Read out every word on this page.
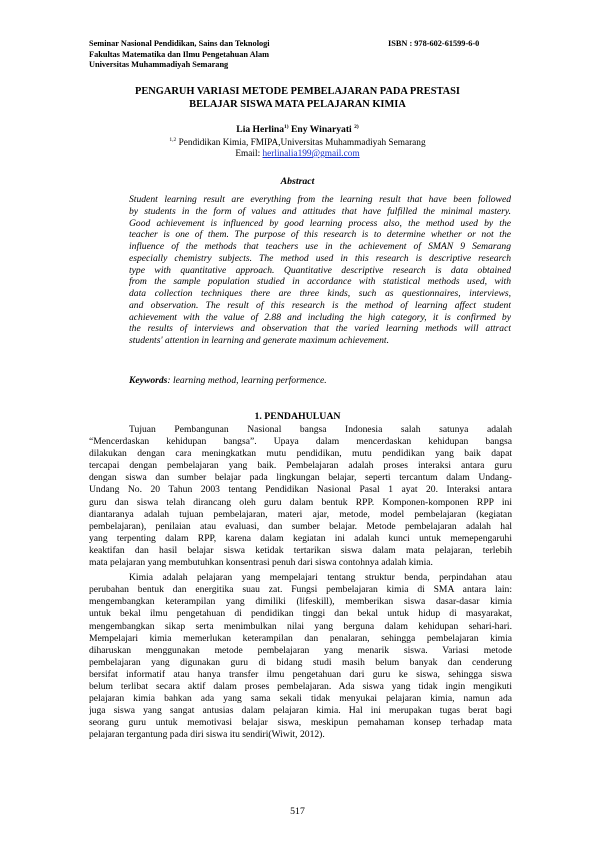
Seminar Nasional Pendidikan, Sains dan Teknologi
Fakultas Matematika dan Ilmu Pengetahuan Alam
Universitas Muhammadiyah Semarang
ISBN : 978-602-61599-6-0
PENGARUH VARIASI METODE PEMBELAJARAN PADA PRESTASI
BELAJAR SISWA MATA PELAJARAN KIMIA
Lia Herlina$^{1)}$ Eny Winaryati $^{2)}$
$^{1,2}$ Pendidikan Kimia, FMIPA,Universitas Muhammadiyah Semarang
Email: herlinalia199@gmail.com
Abstract
Student learning result are everything from the learning result that have been followed
by students in the form of values and attitudes that have fulfilled the minimal mastery.
Good achievement is influenced by good learning process also, the method used by the
teacher is one of them. The purpose of this research is to determine whether or not the
influence of the methods that teachers use in the achievement of SMAN 9 Semarang
especially chemistry subjects. The method used in this research is descriptive research
type with quantitative approach. Quantitative descriptive research is data obtained
from the sample population studied in accordance with statistical methods used, with
data collection techniques there are three kinds, such as questionnaires, interviews,
and observation. The result of this research is the method of learning affect student
achievement with the value of 2.88 and including the high category, it is confirmed by
the results of interviews and observation that the varied learning methods will attract
students' attention in learning and generate maximum achievement.
Keywords: learning method, learning performence.
1. PENDAHULUAN
Tujuan Pembangunan Nasional bangsa Indonesia salah satunya adalah
“Mencerdaskan kehidupan bangsa”. Upaya dalam mencerdaskan kehidupan bangsa
dilakukan dengan cara meningkatkan mutu pendidikan, mutu pendidikan yang baik dapat
tercapai dengan pembelajaran yang baik. Pembelajaran adalah proses interaksi antara guru
dengan siswa dan sumber belajar pada lingkungan belajar, seperti tercantum dalam Undang-
Undang No. 20 Tahun 2003 tentang Pendidikan Nasional Pasal 1 ayat 20. Interaksi antara
guru dan siswa telah dirancang oleh guru dalam bentuk RPP. Komponen-komponen RPP ini
diantaranya adalah tujuan pembelajaran, materi ajar, metode, model pembelajaran (kegiatan
pembelajaran), penilaian atau evaluasi, dan sumber belajar. Metode pembelajaran adalah hal
yang terpenting dalam RPP, karena dalam kegiatan ini adalah kunci untuk memepengaruhi
keaktifan dan hasil belajar siswa ketidak tertarikan siswa dalam mata pelajaran, terlebih
mata pelajaran yang membutuhkan konsentrasi penuh dari siswa contohnya adalah kimia.
Kimia adalah pelajaran yang mempelajari tentang struktur benda, perpindahan atau
perubahan bentuk dan energitika suau zat. Fungsi pembelajaran kimia di SMA antara lain:
mengembangkan keterampilan yang dimiliki (lifeskill), memberikan siswa dasar-dasar kimia
untuk bekal ilmu pengetahuan di pendidikan tinggi dan bekal untuk hidup di masyarakat,
mengembangkan sikap serta menimbulkan nilai yang berguna dalam kehidupan sehari-hari.
Mempelajari kimia memerlukan keterampilan dan penalaran, sehingga pembelajaran kimia
diharuskan menggunakan metode pembelajaran yang menarik siswa. Variasi metode
pembelajaran yang digunakan guru di bidang studi masih belum banyak dan cenderung
bersifat informatif atau hanya transfer ilmu pengetahuan dari guru ke siswa, sehingga siswa
belum terlibat secara aktif dalam proses pembelajaran. Ada siswa yang tidak ingin mengikuti
pelajaran kimia bahkan ada yang sama sekali tidak menyukai pelajaran kimia, namun ada
juga siswa yang sangat antusias dalam pelajaran kimia. Hal ini merupakan tugas berat bagi
seorang guru untuk memotivasi belajar siswa, meskipun pemahaman konsep terhadap mata
pelajaran tergantung pada diri siswa itu sendiri(Wiwit, 2012).
517
